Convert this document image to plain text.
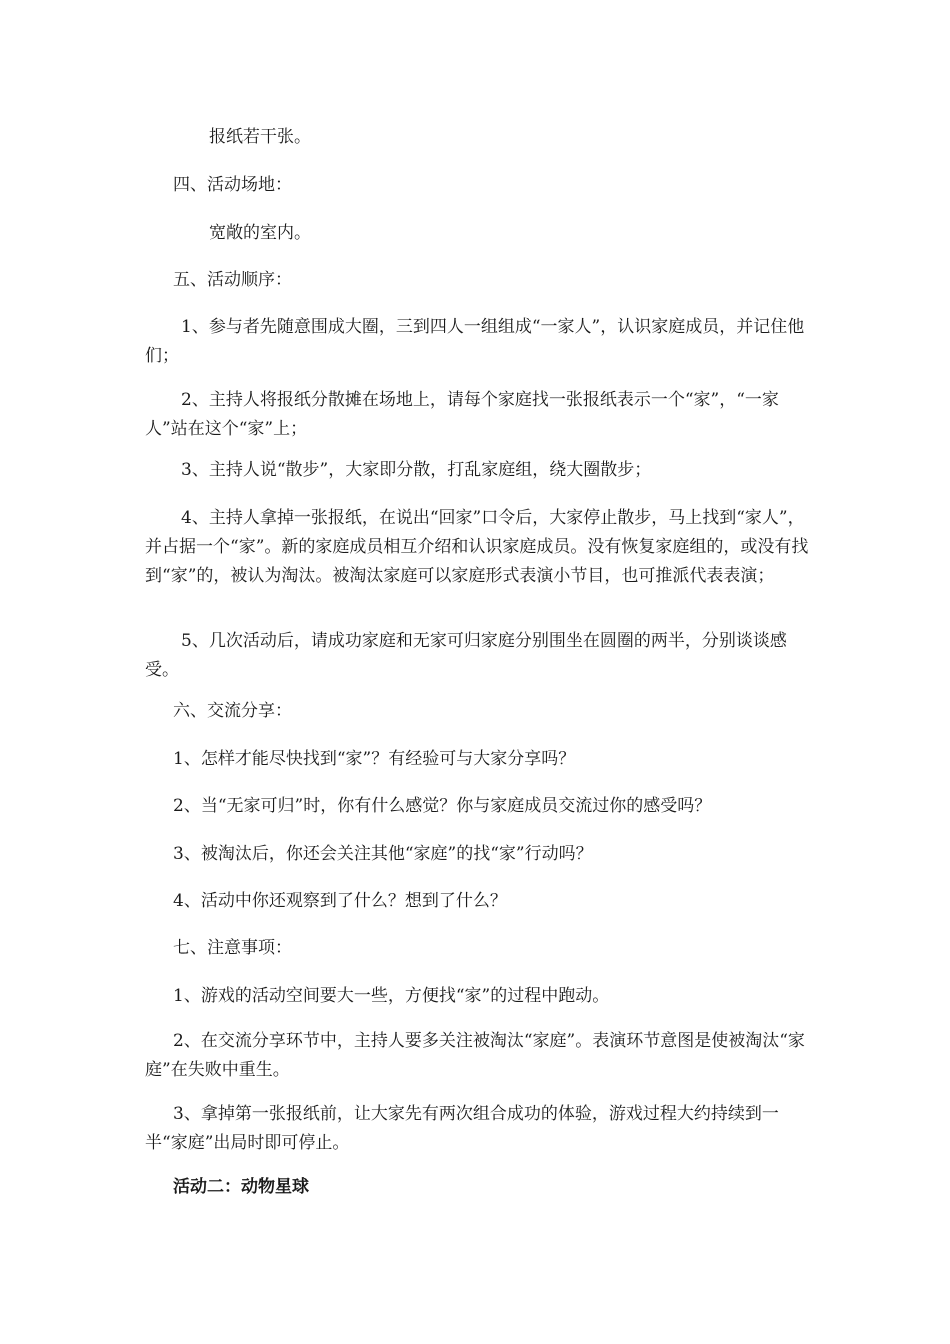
报纸若干张。

四、活动场地：

宽敞的室内。

五、活动顺序：

1、参与者先随意围成大圈，三到四人一组组成“一家人”，认识家庭成员，并记住他们；

2、主持人将报纸分散摊在场地上，请每个家庭找一张报纸表示一个“家”，“一家人”站在这个“家”上；

3、主持人说“散步”，大家即分散，打乱家庭组，绕大圈散步；

4、主持人拿掉一张报纸，在说出“回家”口令后，大家停止散步，马上找到“家人”，并占据一个“家”。新的家庭成员相互介绍和认识家庭成员。没有恢复家庭组的，或没有找到“家”的，被认为淘汰。被淘汰家庭可以家庭形式表演小节目，也可推派代表表演；

5、几次活动后，请成功家庭和无家可归家庭分别围坐在圆圈的两半，分别谈谈感受。

六、交流分享：

1、怎样才能尽快找到“家”？有经验可与大家分享吗？

2、当“无家可归”时，你有什么感觉？你与家庭成员交流过你的感受吗？

3、被淘汰后，你还会关注其他“家庭”的找“家”行动吗？

4、活动中你还观察到了什么？想到了什么？

七、注意事项：

1、游戏的活动空间要大一些，方便找“家”的过程中跑动。

2、在交流分享环节中，主持人要多关注被淘汰“家庭”。表演环节意图是使被淘汰“家庭”在失败中重生。

3、拿掉第一张报纸前，让大家先有两次组合成功的体验，游戏过程大约持续到一半“家庭”出局时即可停止。

活动二：动物星球
